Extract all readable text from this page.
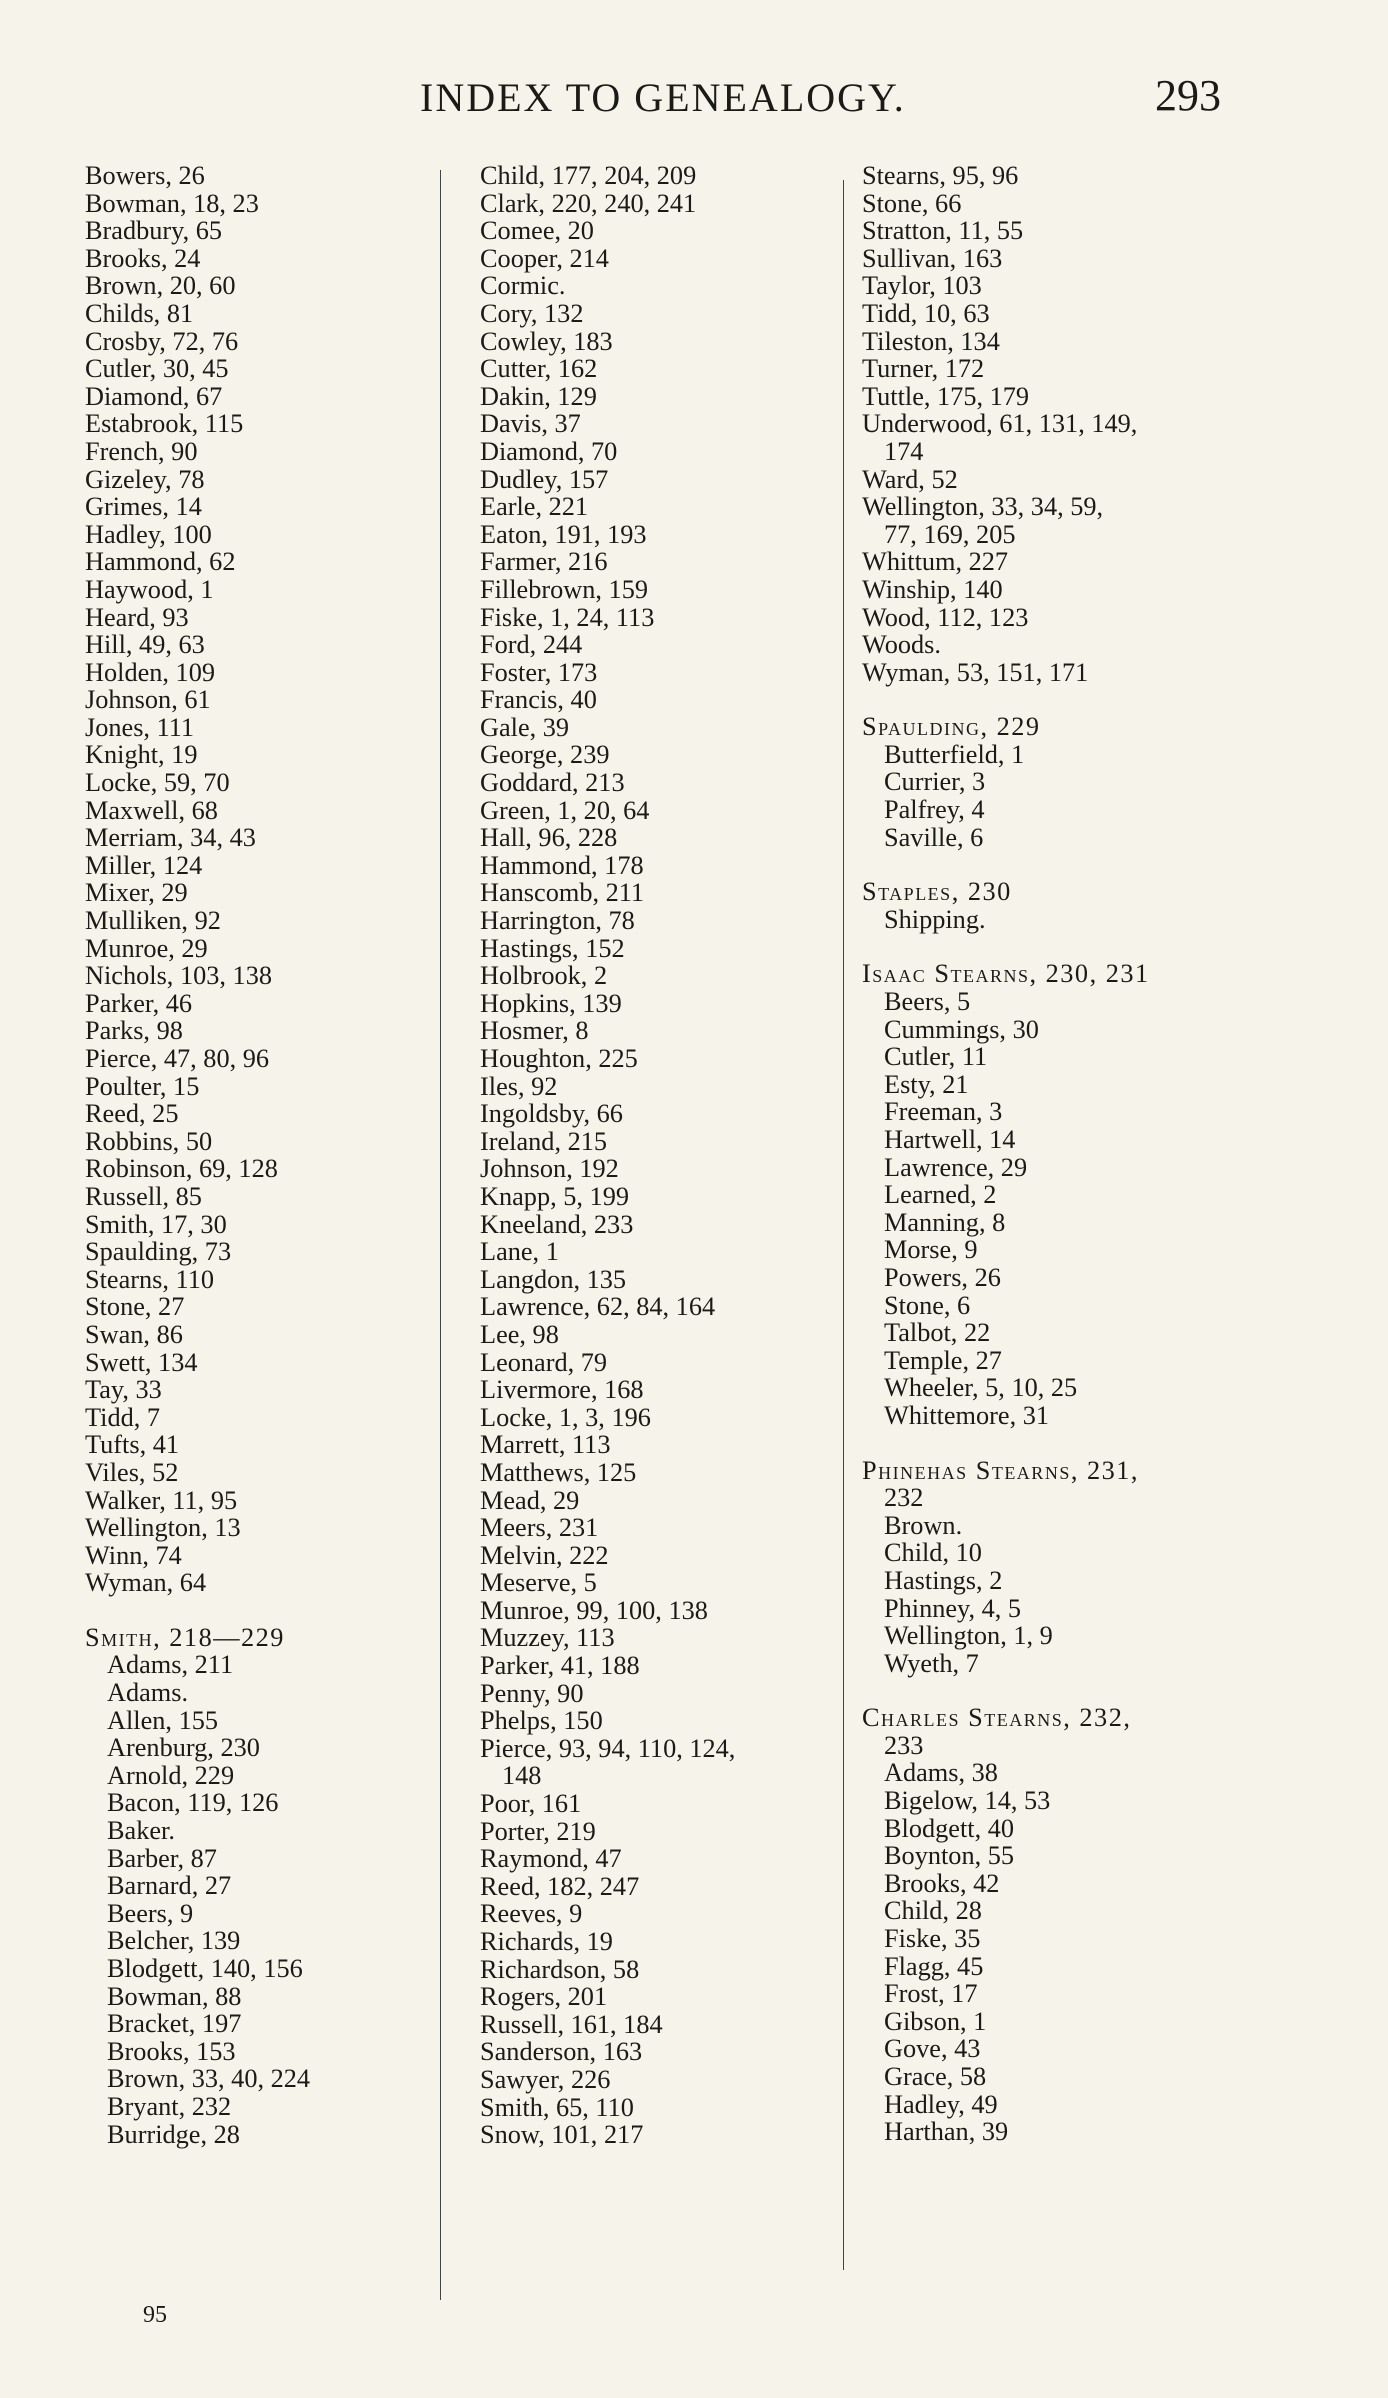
INDEX TO GENEALOGY.	293
Bowers, 26
Bowman, 18, 23
Bradbury, 65
Brooks, 24
Brown, 20, 60
Childs, 81
Crosby, 72, 76
Cutler, 30, 45
Diamond, 67
Estabrook, 115
French, 90
Gizeley, 78
Grimes, 14
Hadley, 100
Hammond, 62
Haywood, 1
Heard, 93
Hill, 49, 63
Holden, 109
Johnson, 61
Jones, 111
Knight, 19
Locke, 59, 70
Maxwell, 68
Merriam, 34, 43
Miller, 124
Mixer, 29
Mulliken, 92
Munroe, 29
Nichols, 103, 138
Parker, 46
Parks, 98
Pierce, 47, 80, 96
Poulter, 15
Reed, 25
Robbins, 50
Robinson, 69, 128
Russell, 85
Smith, 17, 30
Spaulding, 73
Stearns, 110
Stone, 27
Swan, 86
Swett, 134
Tay, 33
Tidd, 7
Tufts, 41
Viles, 52
Walker, 11, 95
Wellington, 13
Winn, 74
Wyman, 64
Smith, 218—229
Adams, 211
Adams.
Allen, 155
Arenburg, 230
Arnold, 229
Bacon, 119, 126
Baker.
Barber, 87
Barnard, 27
Beers, 9
Belcher, 139
Blodgett, 140, 156
Bowman, 88
Bracket, 197
Brooks, 153
Brown, 33, 40, 224
Bryant, 232
Burridge, 28
Child, 177, 204, 209
Clark, 220, 240, 241
Comee, 20
Cooper, 214
Cormic.
Cory, 132
Cowley, 183
Cutter, 162
Dakin, 129
Davis, 37
Diamond, 70
Dudley, 157
Earle, 221
Eaton, 191, 193
Farmer, 216
Fillebrown, 159
Fiske, 1, 24, 113
Ford, 244
Foster, 173
Francis, 40
Gale, 39
George, 239
Goddard, 213
Green, 1, 20, 64
Hall, 96, 228
Hammond, 178
Hanscomb, 211
Harrington, 78
Hastings, 152
Holbrook, 2
Hopkins, 139
Hosmer, 8
Houghton, 225
Iles, 92
Ingoldsby, 66
Ireland, 215
Johnson, 192
Knapp, 5, 199
Kneeland, 233
Lane, 1
Langdon, 135
Lawrence, 62, 84, 164
Lee, 98
Leonard, 79
Livermore, 168
Locke, 1, 3, 196
Marrett, 113
Matthews, 125
Mead, 29
Meers, 231
Melvin, 222
Meserve, 5
Munroe, 99, 100, 138
Muzzey, 113
Parker, 41, 188
Penny, 90
Phelps, 150
Pierce, 93, 94, 110, 124,
148
Poor, 161
Porter, 219
Raymond, 47
Reed, 182, 247
Reeves, 9
Richards, 19
Richardson, 58
Rogers, 201
Russell, 161, 184
Sanderson, 163
Sawyer, 226
Smith, 65, 110
Snow, 101, 217
Stearns, 95, 96
Stone, 66
Stratton, 11, 55
Sullivan, 163
Taylor, 103
Tidd, 10, 63
Tileston, 134
Turner, 172
Tuttle, 175, 179
Underwood, 61, 131, 149,
174
Ward, 52
Wellington, 33, 34, 59,
77, 169, 205
Whittum, 227
Winship, 140
Wood, 112, 123
Woods.
Wyman, 53, 151, 171
Spaulding, 229
Butterfield, 1
Currier, 3
Palfrey, 4
Saville, 6
Staples, 230
Shipping.
Isaac Stearns, 230, 231
Beers, 5
Cummings, 30
Cutler, 11
Esty, 21
Freeman, 3
Hartwell, 14
Lawrence, 29
Learned, 2
Manning, 8
Morse, 9
Powers, 26
Stone, 6
Talbot, 22
Temple, 27
Wheeler, 5, 10, 25
Whittemore, 31
Phinehas Stearns, 231,
232
Brown.
Child, 10
Hastings, 2
Phinney, 4, 5
Wellington, 1, 9
Wyeth, 7
Charles Stearns, 232,
233
Adams, 38
Bigelow, 14, 53
Blodgett, 40
Boynton, 55
Brooks, 42
Child, 28
Fiske, 35
Flagg, 45
Frost, 17
Gibson, 1
Gove, 43
Grace, 58
Hadley, 49
Harthan, 39
95
